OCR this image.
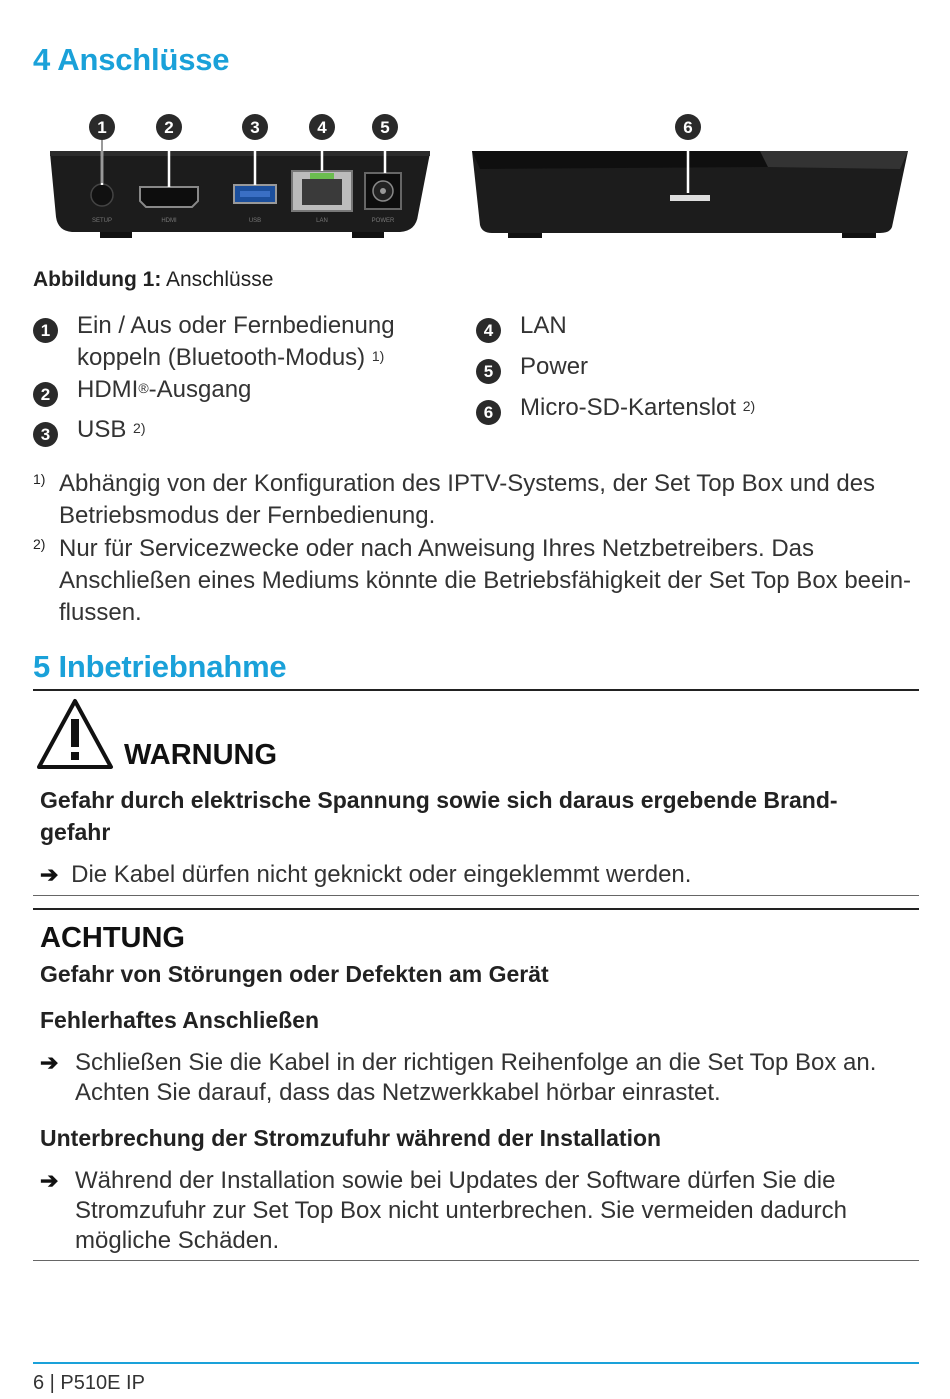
4 Anschlüsse
SETUP	HDMI	USB	LAN	POWER
1	2	3	4	5	6
Abbildung 1: Anschlüsse
1	Ein / Aus oder Fernbedienung
koppeln (Bluetooth-Modus) $^{1)}$
2	HDMI®-Ausgang
3	USB $^{2)}$
4	LAN
5	Power
6	Micro-SD-Kartenslot $^{2)}$
1) Abhängig von der Konfiguration des IPTV-Systems, der Set Top Box und des
Betriebsmodus der Fernbedienung.
2) Nur für Servicezwecke oder nach Anweisung Ihres Netzbetreibers. Das
Anschließen eines Mediums könnte die Betriebsfähigkeit der Set Top Box beein-
flussen.
5 Inbetriebnahme
WARNUNG
Gefahr durch elektrische Spannung sowie sich daraus ergebende Brand-
gefahr
➔ Die Kabel dürfen nicht geknickt oder eingeklemmt werden.
ACHTUNG
Gefahr von Störungen oder Defekten am Gerät
Fehlerhaftes Anschließen
➔ Schließen Sie die Kabel in der richtigen Reihenfolge an die Set Top Box an.
Achten Sie darauf, dass das Netzwerkkabel hörbar einrastet.
Unterbrechung der Stromzufuhr während der Installation
➔ Während der Installation sowie bei Updates der Software dürfen Sie die
Stromzufuhr zur Set Top Box nicht unterbrechen. Sie vermeiden dadurch
mögliche Schäden.
6 | P510E IP
